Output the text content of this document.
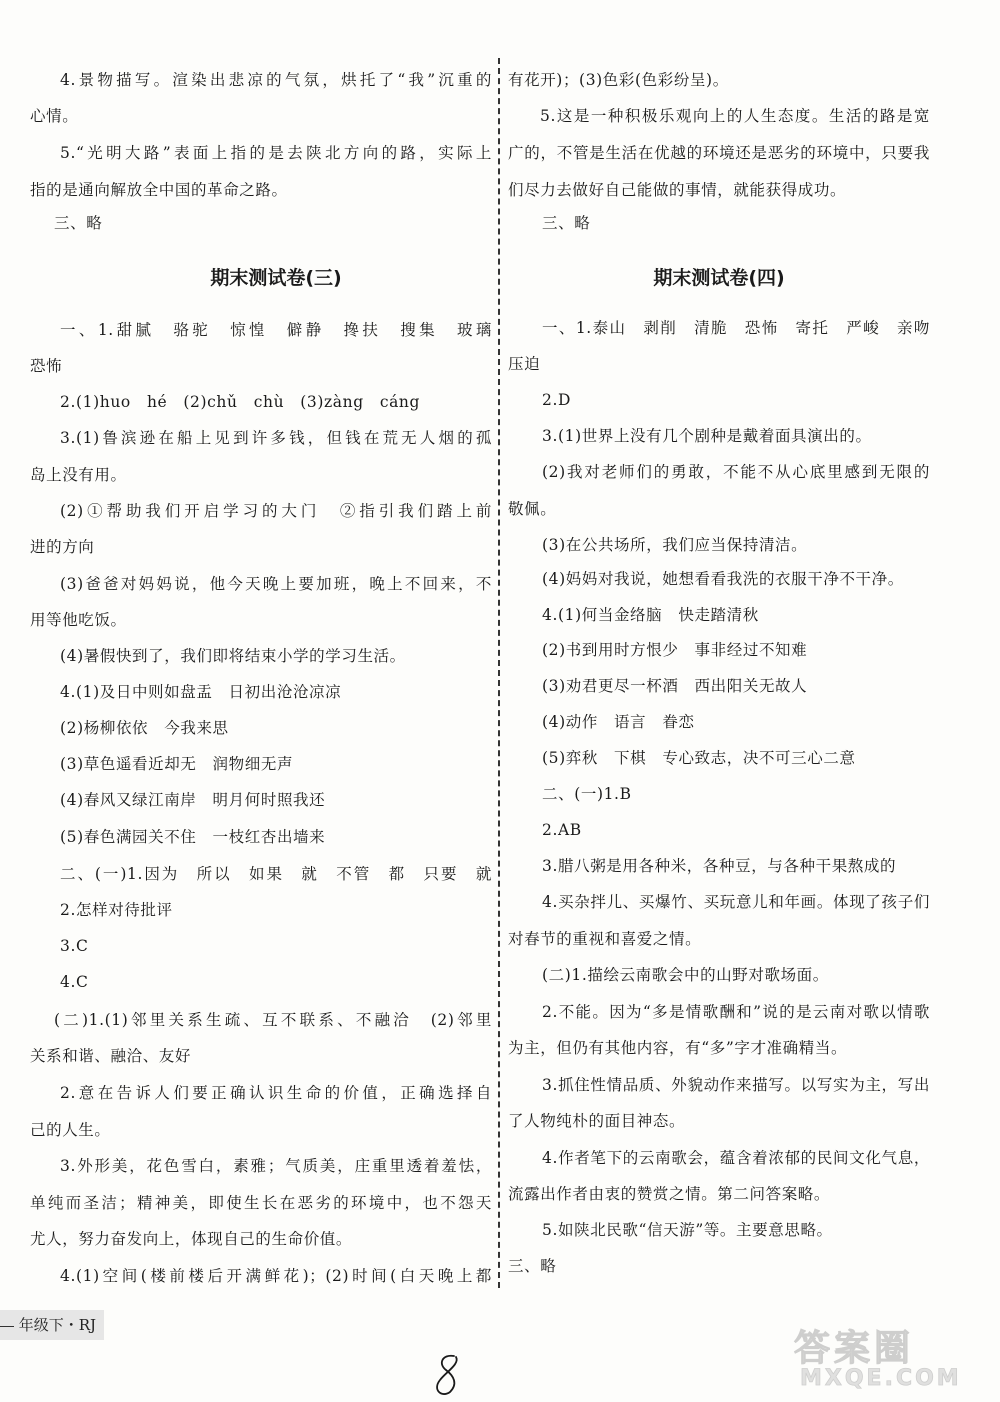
4.景物描写。渲染出悲凉的气氛，烘托了“我”沉重的
心情。
5.“光明大路”表面上指的是去陕北方向的路，实际上
指的是通向解放全中国的革命之路。
三、略
期末测试卷(三)
一、1.甜腻　骆驼　惊惶　僻静　搀扶　搜集　玻璃
恐怖
2.(1)huo　hé　(2)chǔ　chù　(3)zàng　cáng
3.(1)鲁滨逊在船上见到许多钱，但钱在荒无人烟的孤
岛上没有用。
(2)①帮助我们开启学习的大门　②指引我们踏上前
进的方向
(3)爸爸对妈妈说，他今天晚上要加班，晚上不回来，不
用等他吃饭。
(4)暑假快到了，我们即将结束小学的学习生活。
4.(1)及日中则如盘盂　日初出沧沧凉凉
(2)杨柳依依　今我来思
(3)草色遥看近却无　润物细无声
(4)春风又绿江南岸　明月何时照我还
(5)春色满园关不住　一枝红杏出墙来
二、(一)1.因为　所以　如果　就　不管　都　只要　就
2.怎样对待批评
3.C
4.C
(二)1.(1)邻里关系生疏、互不联系、不融洽　(2)邻里
关系和谐、融洽、友好
2.意在告诉人们要正确认识生命的价值，正确选择自
己的人生。
3.外形美，花色雪白，素雅；气质美，庄重里透着羞怯，
单纯而圣洁；精神美，即使生长在恶劣的环境中，也不怨天
尤人，努力奋发向上，体现自己的生命价值。
4.(1)空间(楼前楼后开满鲜花)；(2)时间(白天晚上都
有花开)；(3)色彩(色彩纷呈)。
5.这是一种积极乐观向上的人生态度。生活的路是宽
广的，不管是生活在优越的环境还是恶劣的环境中，只要我
们尽力去做好自己能做的事情，就能获得成功。
三、略
期末测试卷(四)
一、1.泰山　剥削　清脆　恐怖　寄托　严峻　亲吻
压迫
2.D
3.(1)世界上没有几个剧种是戴着面具演出的。
(2)我对老师们的勇敢，不能不从心底里感到无限的
敬佩。
(3)在公共场所，我们应当保持清洁。
(4)妈妈对我说，她想看看我洗的衣服干净不干净。
4.(1)何当金络脑　快走踏清秋
(2)书到用时方恨少　事非经过不知难
(3)劝君更尽一杯酒　西出阳关无故人
(4)动作　语言　眷恋
(5)弈秋　下棋　专心致志，决不可三心二意
二、(一)1.B
2.AB
3.腊八粥是用各种米，各种豆，与各种干果熬成的
4.买杂拌儿、买爆竹、买玩意儿和年画。体现了孩子们
对春节的重视和喜爱之情。
(二)1.描绘云南歌会中的山野对歌场面。
2.不能。因为“多是情歌酬和”说的是云南对歌以情歌
为主，但仍有其他内容，有“多”字才准确精当。
3.抓住性情品质、外貌动作来描写。以写实为主，写出
了人物纯朴的面目神态。
4.作者笔下的云南歌会，蕴含着浓郁的民间文化气息，
流露出作者由衷的赞赏之情。第二问答案略。
5.如陕北民歌“信天游”等。主要意思略。
三、略
年级下・RJ
答案圈
MXQE.COM
